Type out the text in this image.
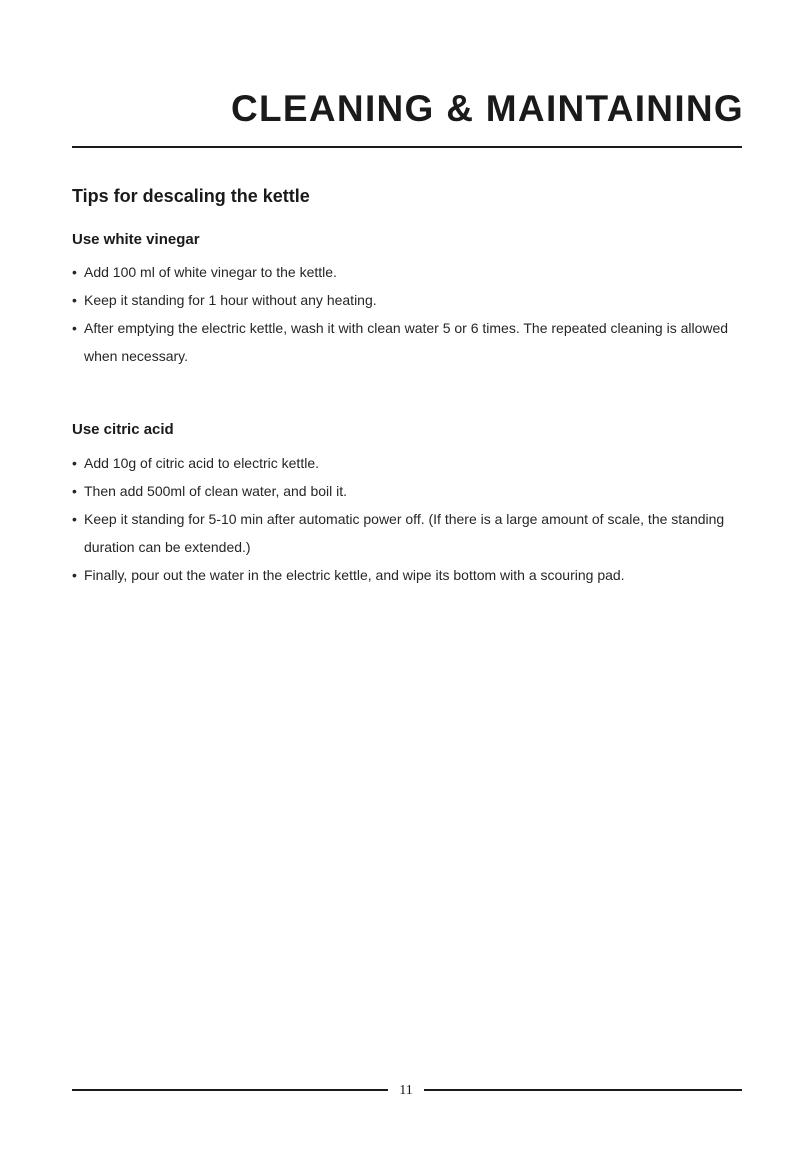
CLEANING & MAINTAINING
Tips for descaling the kettle
Use white vinegar
• Add 100 ml of white vinegar to the kettle.
• Keep it standing for 1 hour without any heating.
• After emptying the electric kettle, wash it with clean water 5 or 6 times. The repeated cleaning is allowed when necessary.
Use citric acid
• Add 10g of citric acid to electric kettle.
• Then add 500ml of clean water, and boil it.
• Keep it standing for 5-10 min after automatic power off. (If there is a large amount of scale, the standing duration can be extended.)
• Finally, pour out the water in the electric kettle, and wipe its bottom with a scouring pad.
11
